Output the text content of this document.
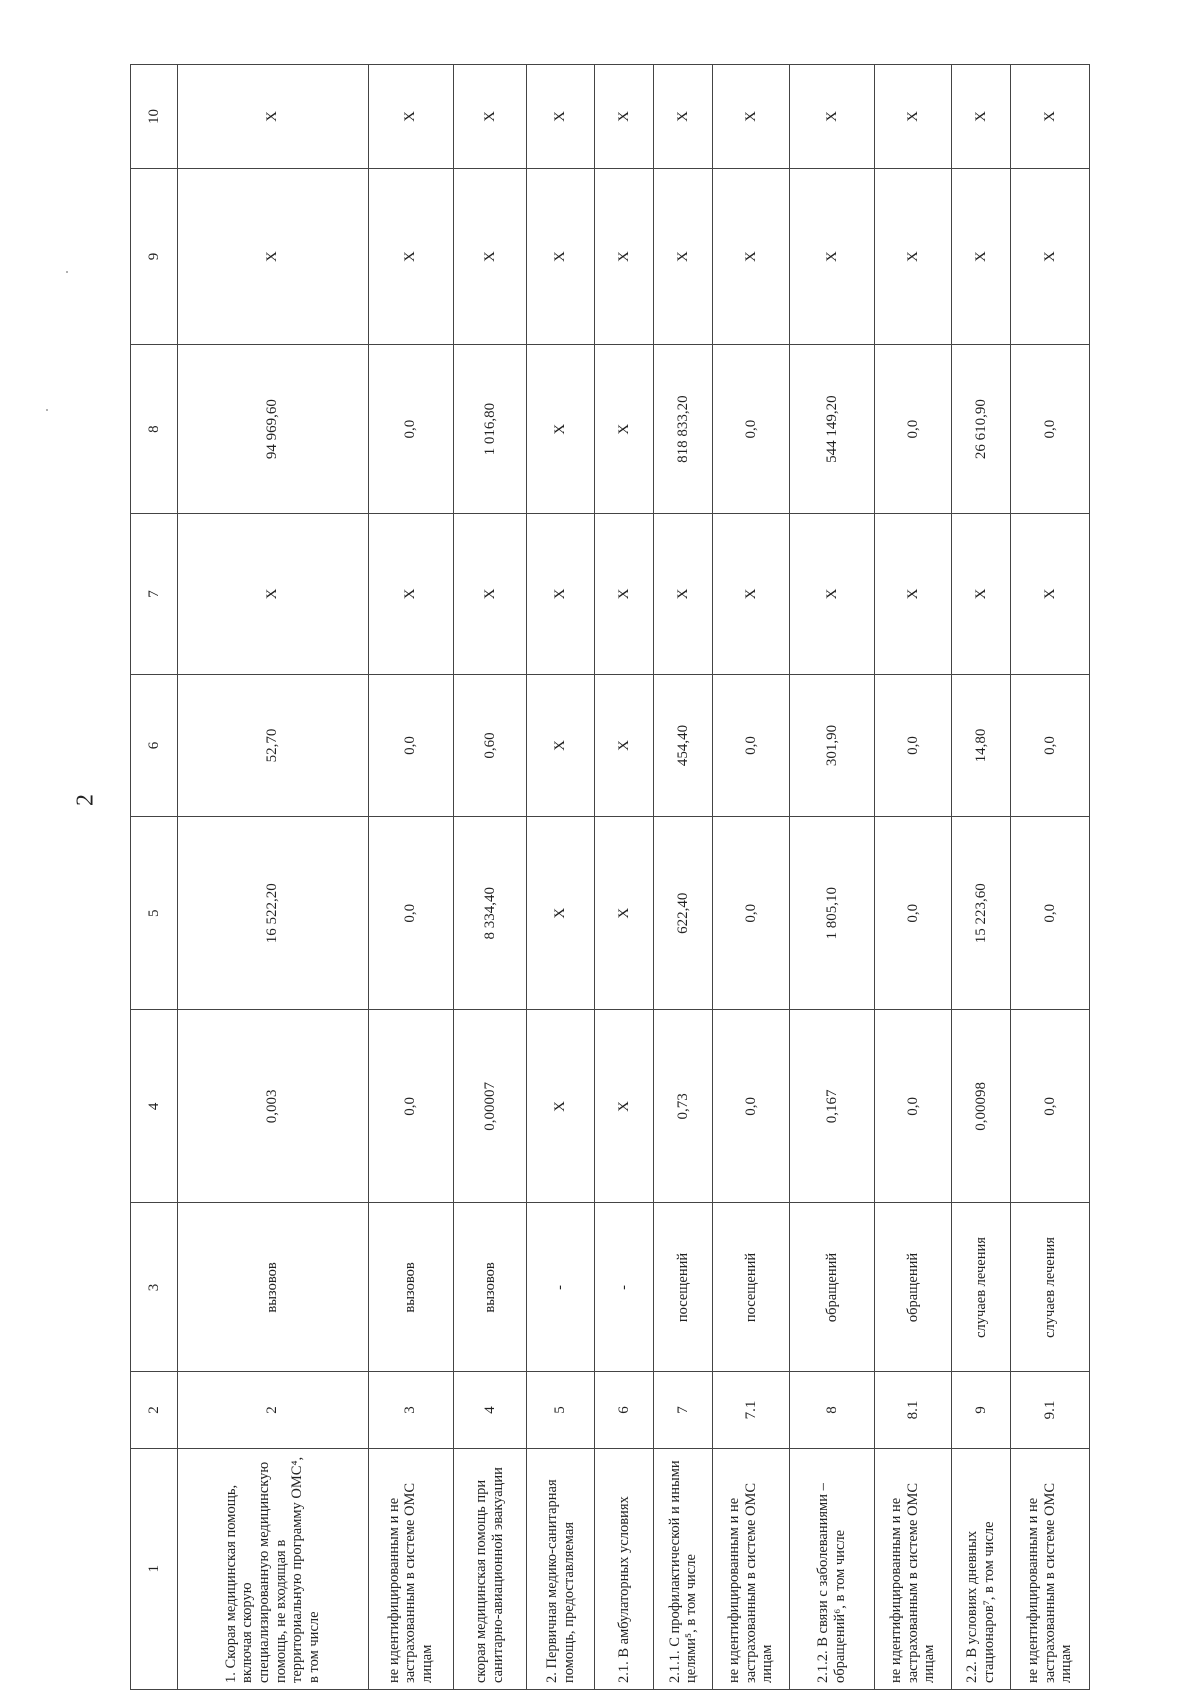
2
1	2	3	4	5	6	7	8	9	10
1. Скорая медицинская помощь, включая скорую специализированную медицинскую помощь, не входящая в территориальную программу ОМС⁴, в том числе	2	вызовов	0,003	16 522,20	52,70	X	94 969,60	X	X
не идентифицированным и не застрахованным в системе ОМС лицам	3	вызовов	0,0	0,0	0,0	X	0,0	X	X
скорая медицинская помощь при санитарно-авиационной эвакуации	4	вызовов	0,00007	8 334,40	0,60	X	1 016,80	X	X
2. Первичная медико-санитарная помощь, предоставляемая	5	-	X	X	X	X	X	X	X
2.1. В амбулаторных условиях	6	-	X	X	X	X	X	X	X
2.1.1. С профилактической и иными целями⁵, в том числе	7	посещений	0,73	622,40	454,40	X	818 833,20	X	X
не идентифицированным и не застрахованным в системе ОМС лицам	7.1	посещений	0,0	0,0	0,0	X	0,0	X	X
2.1.2. В связи с заболеваниями – обращений⁶, в том числе	8	обращений	0,167	1 805,10	301,90	X	544 149,20	X	X
не идентифицированным и не застрахованным в системе ОМС лицам	8.1	обращений	0,0	0,0	0,0	X	0,0	X	X
2.2. В условиях дневных стационаров⁷, в том числе	9	случаев лечения	0,00098	15 223,60	14,80	X	26 610,90	X	X
не идентифицированным и не застрахованным в системе ОМС лицам	9.1	случаев лечения	0,0	0,0	0,0	X	0,0	X	X
